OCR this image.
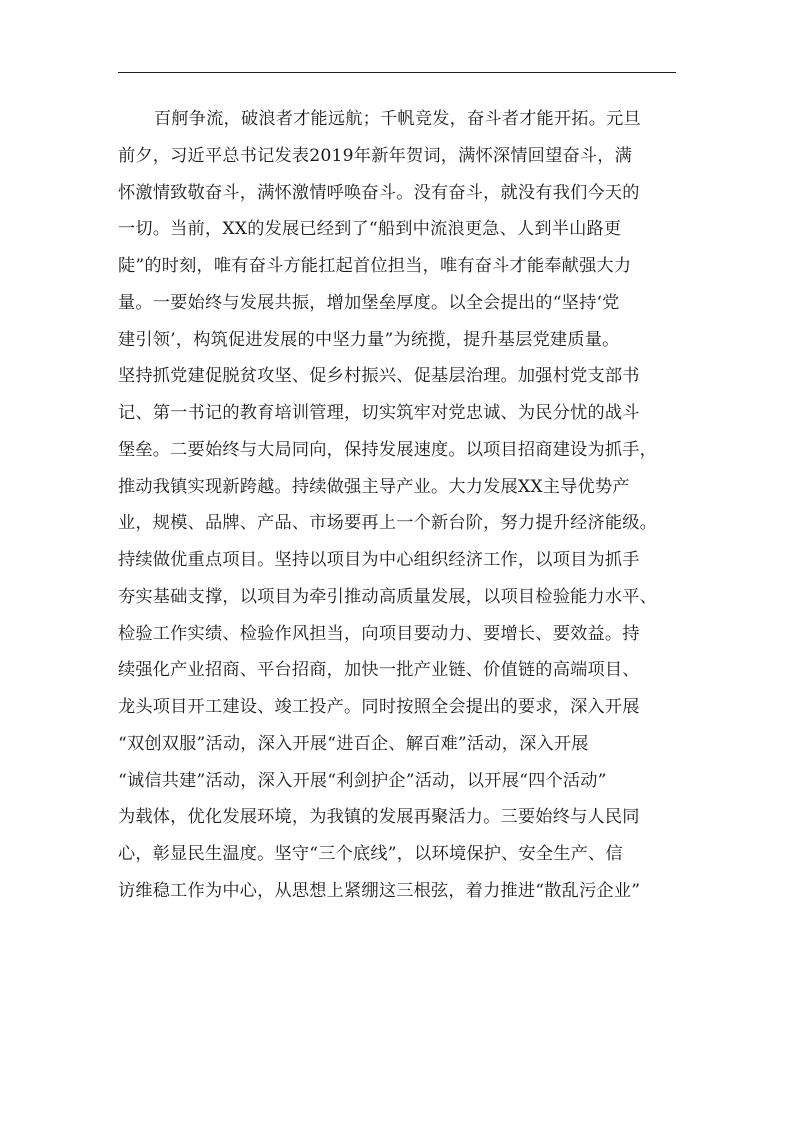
百舸争流，破浪者才能远航；千帆竞发，奋斗者才能开拓。元旦
前夕，习近平总书记发表2019年新年贺词，满怀深情回望奋斗，满
怀激情致敬奋斗，满怀激情呼唤奋斗。没有奋斗，就没有我们今天的
一切。当前，XX的发展已经到了“船到中流浪更急、人到半山路更
陡”的时刻，唯有奋斗方能扛起首位担当，唯有奋斗才能奉献强大力
量。一要始终与发展共振，增加堡垒厚度。以全会提出的“坚持‘党
建引领’，构筑促进发展的中坚力量”为统揽，提升基层党建质量。
坚持抓党建促脱贫攻坚、促乡村振兴、促基层治理。加强村党支部书
记、第一书记的教育培训管理，切实筑牢对党忠诚、为民分忧的战斗
堡垒。二要始终与大局同向，保持发展速度。以项目招商建设为抓手，
推动我镇实现新跨越。持续做强主导产业。大力发展XX主导优势产
业，规模、品牌、产品、市场要再上一个新台阶，努力提升经济能级。
持续做优重点项目。坚持以项目为中心组织经济工作，以项目为抓手
夯实基础支撑，以项目为牵引推动高质量发展，以项目检验能力水平、
检验工作实绩、检验作风担当，向项目要动力、要增长、要效益。持
续强化产业招商、平台招商，加快一批产业链、价值链的高端项目、
龙头项目开工建设、竣工投产。同时按照全会提出的要求，深入开展
“双创双服”活动，深入开展“进百企、解百难”活动，深入开展
“诚信共建”活动，深入开展“利剑护企”活动，以开展“四个活动”
为载体，优化发展环境，为我镇的发展再聚活力。三要始终与人民同
心，彰显民生温度。坚守“三个底线”，以环境保护、安全生产、信
访维稳工作为中心，从思想上紧绷这三根弦，着力推进“散乱污企业”
